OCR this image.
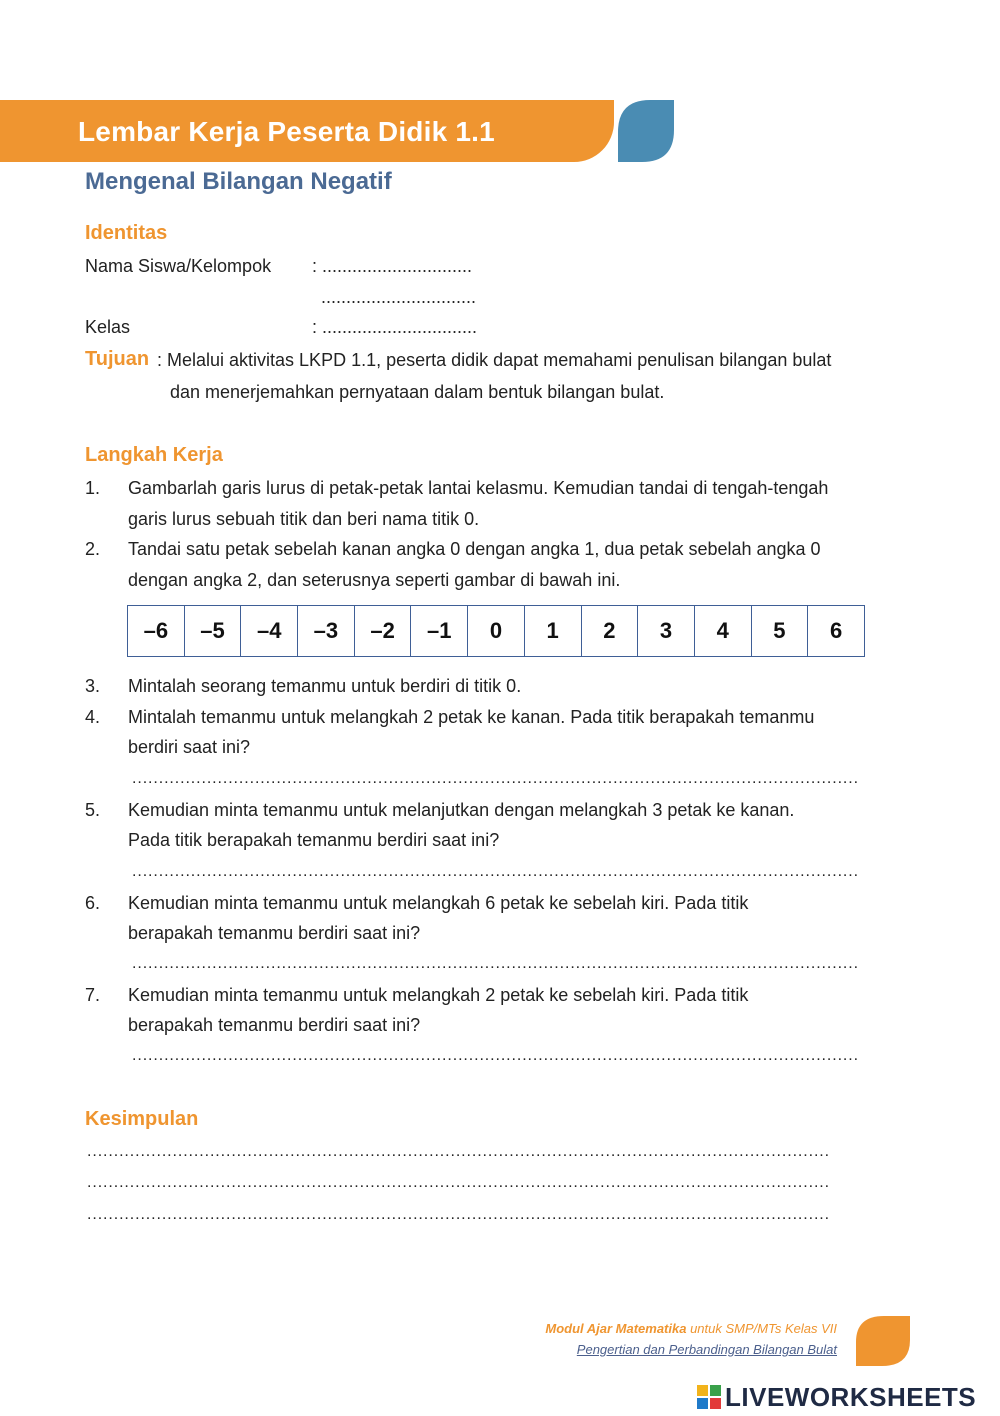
Lembar Kerja Peserta Didik 1.1
Mengenal Bilangan Negatif
Identitas
Nama Siswa/Kelompok : ..............................
...............................
Kelas	: ...............................
Tujuan : Melalui aktivitas LKPD 1.1, peserta didik dapat memahami penulisan bilangan bulat
dan menerjemahkan pernyataan dalam bentuk bilangan bulat.
Langkah Kerja
1. Gambarlah garis lurus di petak-petak lantai kelasmu. Kemudian tandai di tengah-tengah
garis lurus sebuah titik dan beri nama titik 0.
2. Tandai satu petak sebelah kanan angka 0 dengan angka 1, dua petak sebelah angka 0
dengan angka 2, dan seterusnya seperti gambar di bawah ini.
–6	–5	–4	–3	–2	–1	0	1	2	3	4	5	6
3. Mintalah seorang temanmu untuk berdiri di titik 0.
4. Mintalah temanmu untuk melangkah 2 petak ke kanan. Pada titik berapakah temanmu
berdiri saat ini?
........................................................................................................................................
5. Kemudian minta temanmu untuk melanjutkan dengan melangkah 3 petak ke kanan.
Pada titik berapakah temanmu berdiri saat ini?
........................................................................................................................................
6. Kemudian minta temanmu untuk melangkah 6 petak ke sebelah kiri. Pada titik
berapakah temanmu berdiri saat ini?
........................................................................................................................................
7. Kemudian minta temanmu untuk melangkah 2 petak ke sebelah kiri. Pada titik
berapakah temanmu berdiri saat ini?
........................................................................................................................................
Kesimpulan
...........................................................................................................................................
...........................................................................................................................................
...........................................................................................................................................
Modul Ajar Matematika untuk SMP/MTs Kelas VII
Pengertian dan Perbandingan Bilangan Bulat
LIVEWORKSHEETS
